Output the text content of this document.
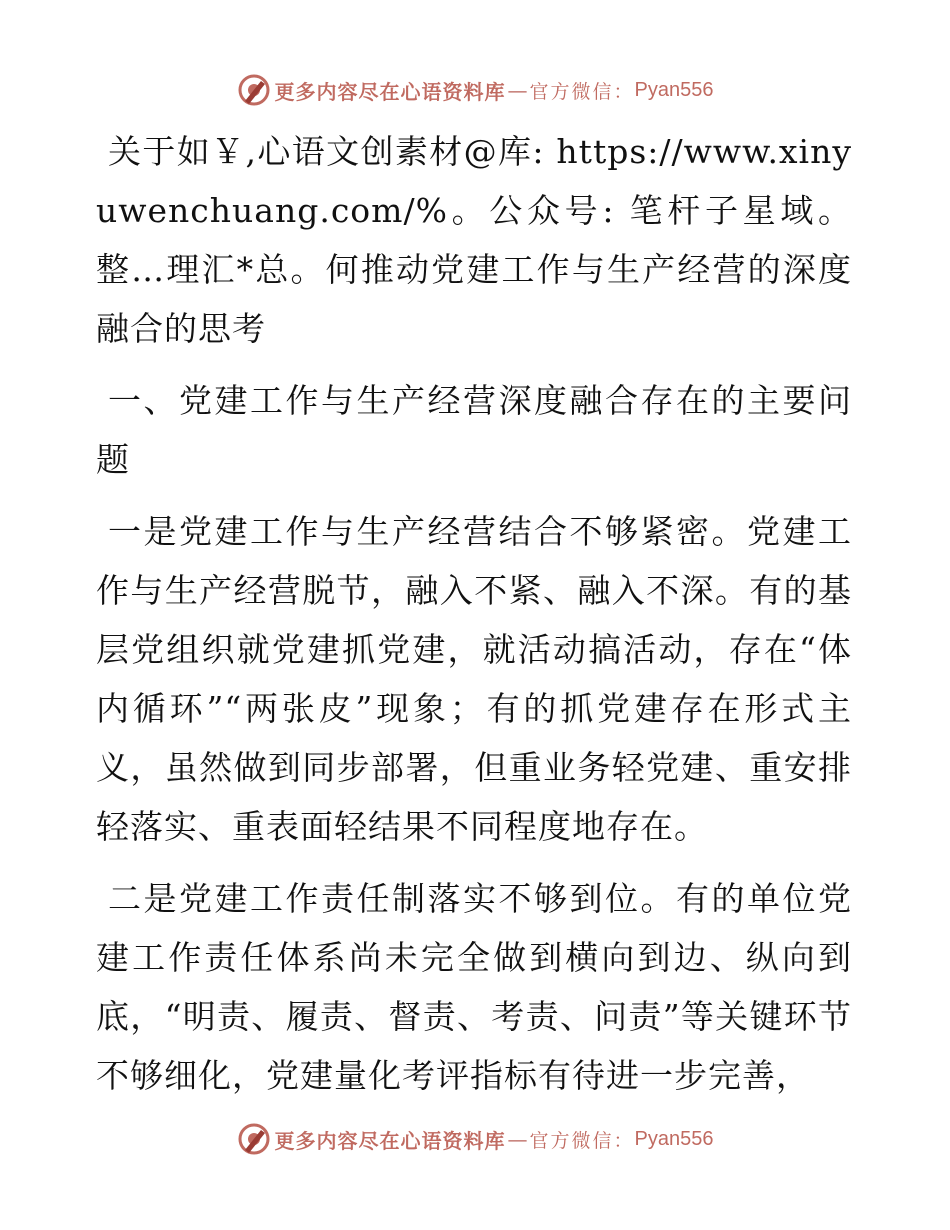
更多内容尽在心语资料库 — 官方微信： Pyan556

关于如￥,心语文创素材@库: https://www.xinyuwenchuang.com/%。公众号: 笔杆子星域。整…理汇*总。何推动党建工作与生产经营的深度融合的思考

一、党建工作与生产经营深度融合存在的主要问题

一是党建工作与生产经营结合不够紧密。党建工作与生产经营脱节，融入不紧、融入不深。有的基层党组织就党建抓党建，就活动搞活动，存在“体内循环”“两张皮”现象；有的抓党建存在形式主义，虽然做到同步部署，但重业务轻党建、重安排轻落实、重表面轻结果不同程度地存在。

二是党建工作责任制落实不够到位。有的单位党建工作责任体系尚未完全做到横向到边、纵向到底，“明责、履责、督责、考责、问责”等关键环节不够细化，党建量化考评指标有待进一步完善，

更多内容尽在心语资料库 — 官方微信： Pyan556
